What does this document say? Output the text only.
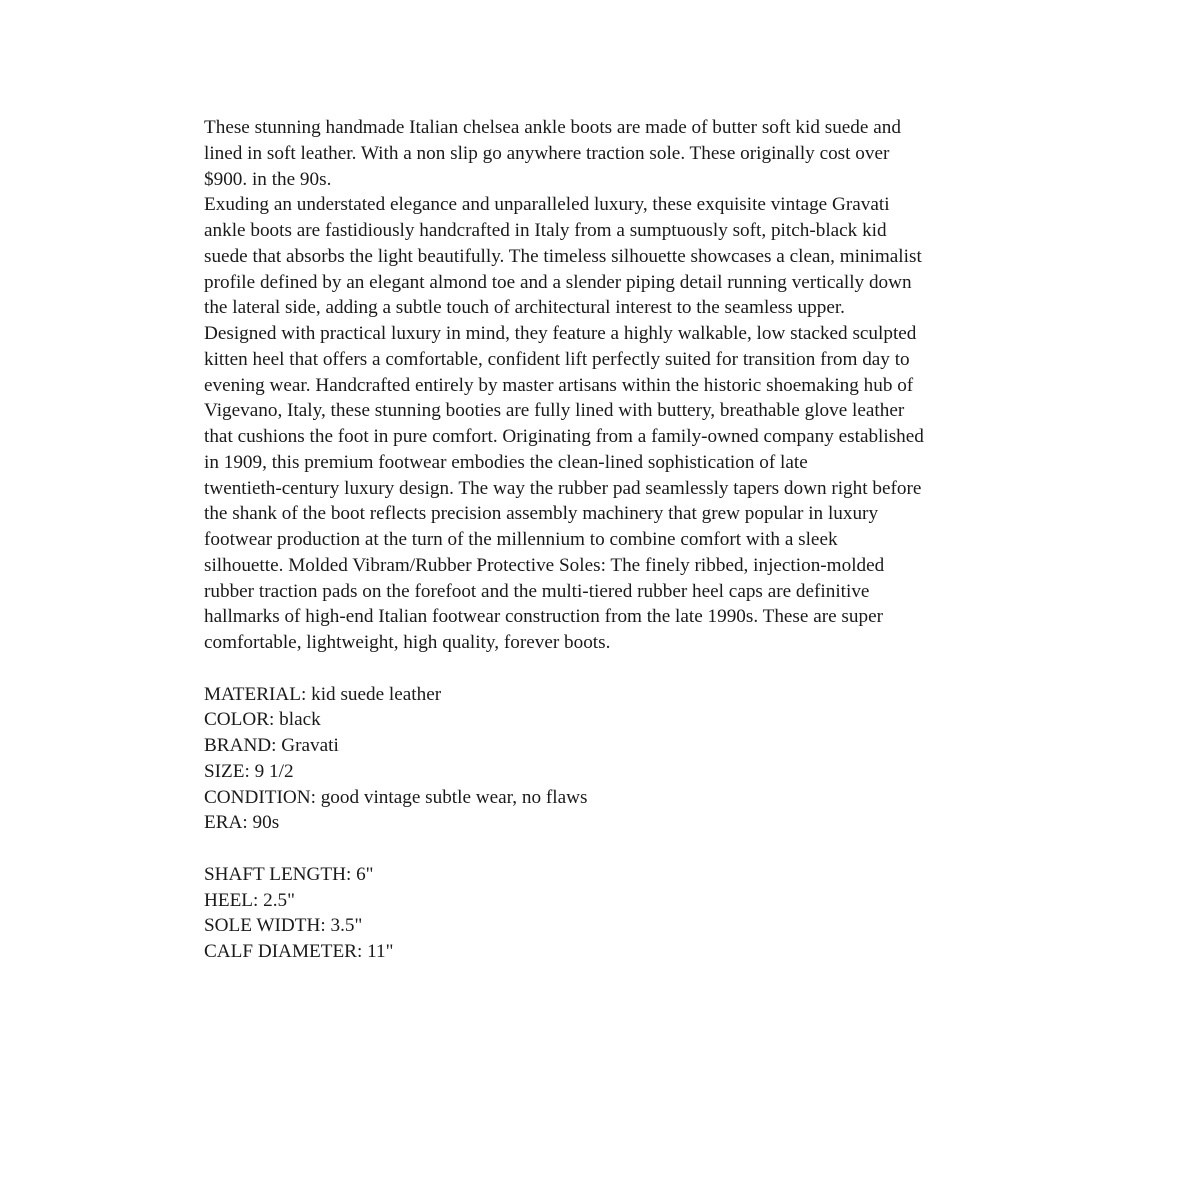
These stunning handmade Italian chelsea ankle boots are made of butter soft kid suede and
lined in soft leather. With a non slip go anywhere traction sole. These originally cost over
$900. in the 90s.

Exuding an understated elegance and unparalleled luxury, these exquisite vintage Gravati
ankle boots are fastidiously handcrafted in Italy from a sumptuously soft, pitch-black kid
suede that absorbs the light beautifully. The timeless silhouette showcases a clean, minimalist
profile defined by an elegant almond toe and a slender piping detail running vertically down
the lateral side, adding a subtle touch of architectural interest to the seamless upper.
Designed with practical luxury in mind, they feature a highly walkable, low stacked sculpted
kitten heel that offers a comfortable, confident lift perfectly suited for transition from day to
evening wear. Handcrafted entirely by master artisans within the historic shoemaking hub of
Vigevano, Italy, these stunning booties are fully lined with buttery, breathable glove leather
that cushions the foot in pure comfort. Originating from a family-owned company established
in 1909, this premium footwear embodies the clean-lined sophistication of late
twentieth-century luxury design. The way the rubber pad seamlessly tapers down right before
the shank of the boot reflects precision assembly machinery that grew popular in luxury
footwear production at the turn of the millennium to combine comfort with a sleek
silhouette. Molded Vibram/Rubber Protective Soles: The finely ribbed, injection-molded
rubber traction pads on the forefoot and the multi-tiered rubber heel caps are definitive
hallmarks of high-end Italian footwear construction from the late 1990s. These are super
comfortable, lightweight, high quality, forever boots.

MATERIAL: kid suede leather
COLOR: black
BRAND: Gravati
SIZE: 9 1/2
CONDITION: good vintage subtle wear, no flaws
ERA: 90s
SHAFT LENGTH: 6"
HEEL: 2.5"
SOLE WIDTH: 3.5"
CALF DIAMETER: 11"
